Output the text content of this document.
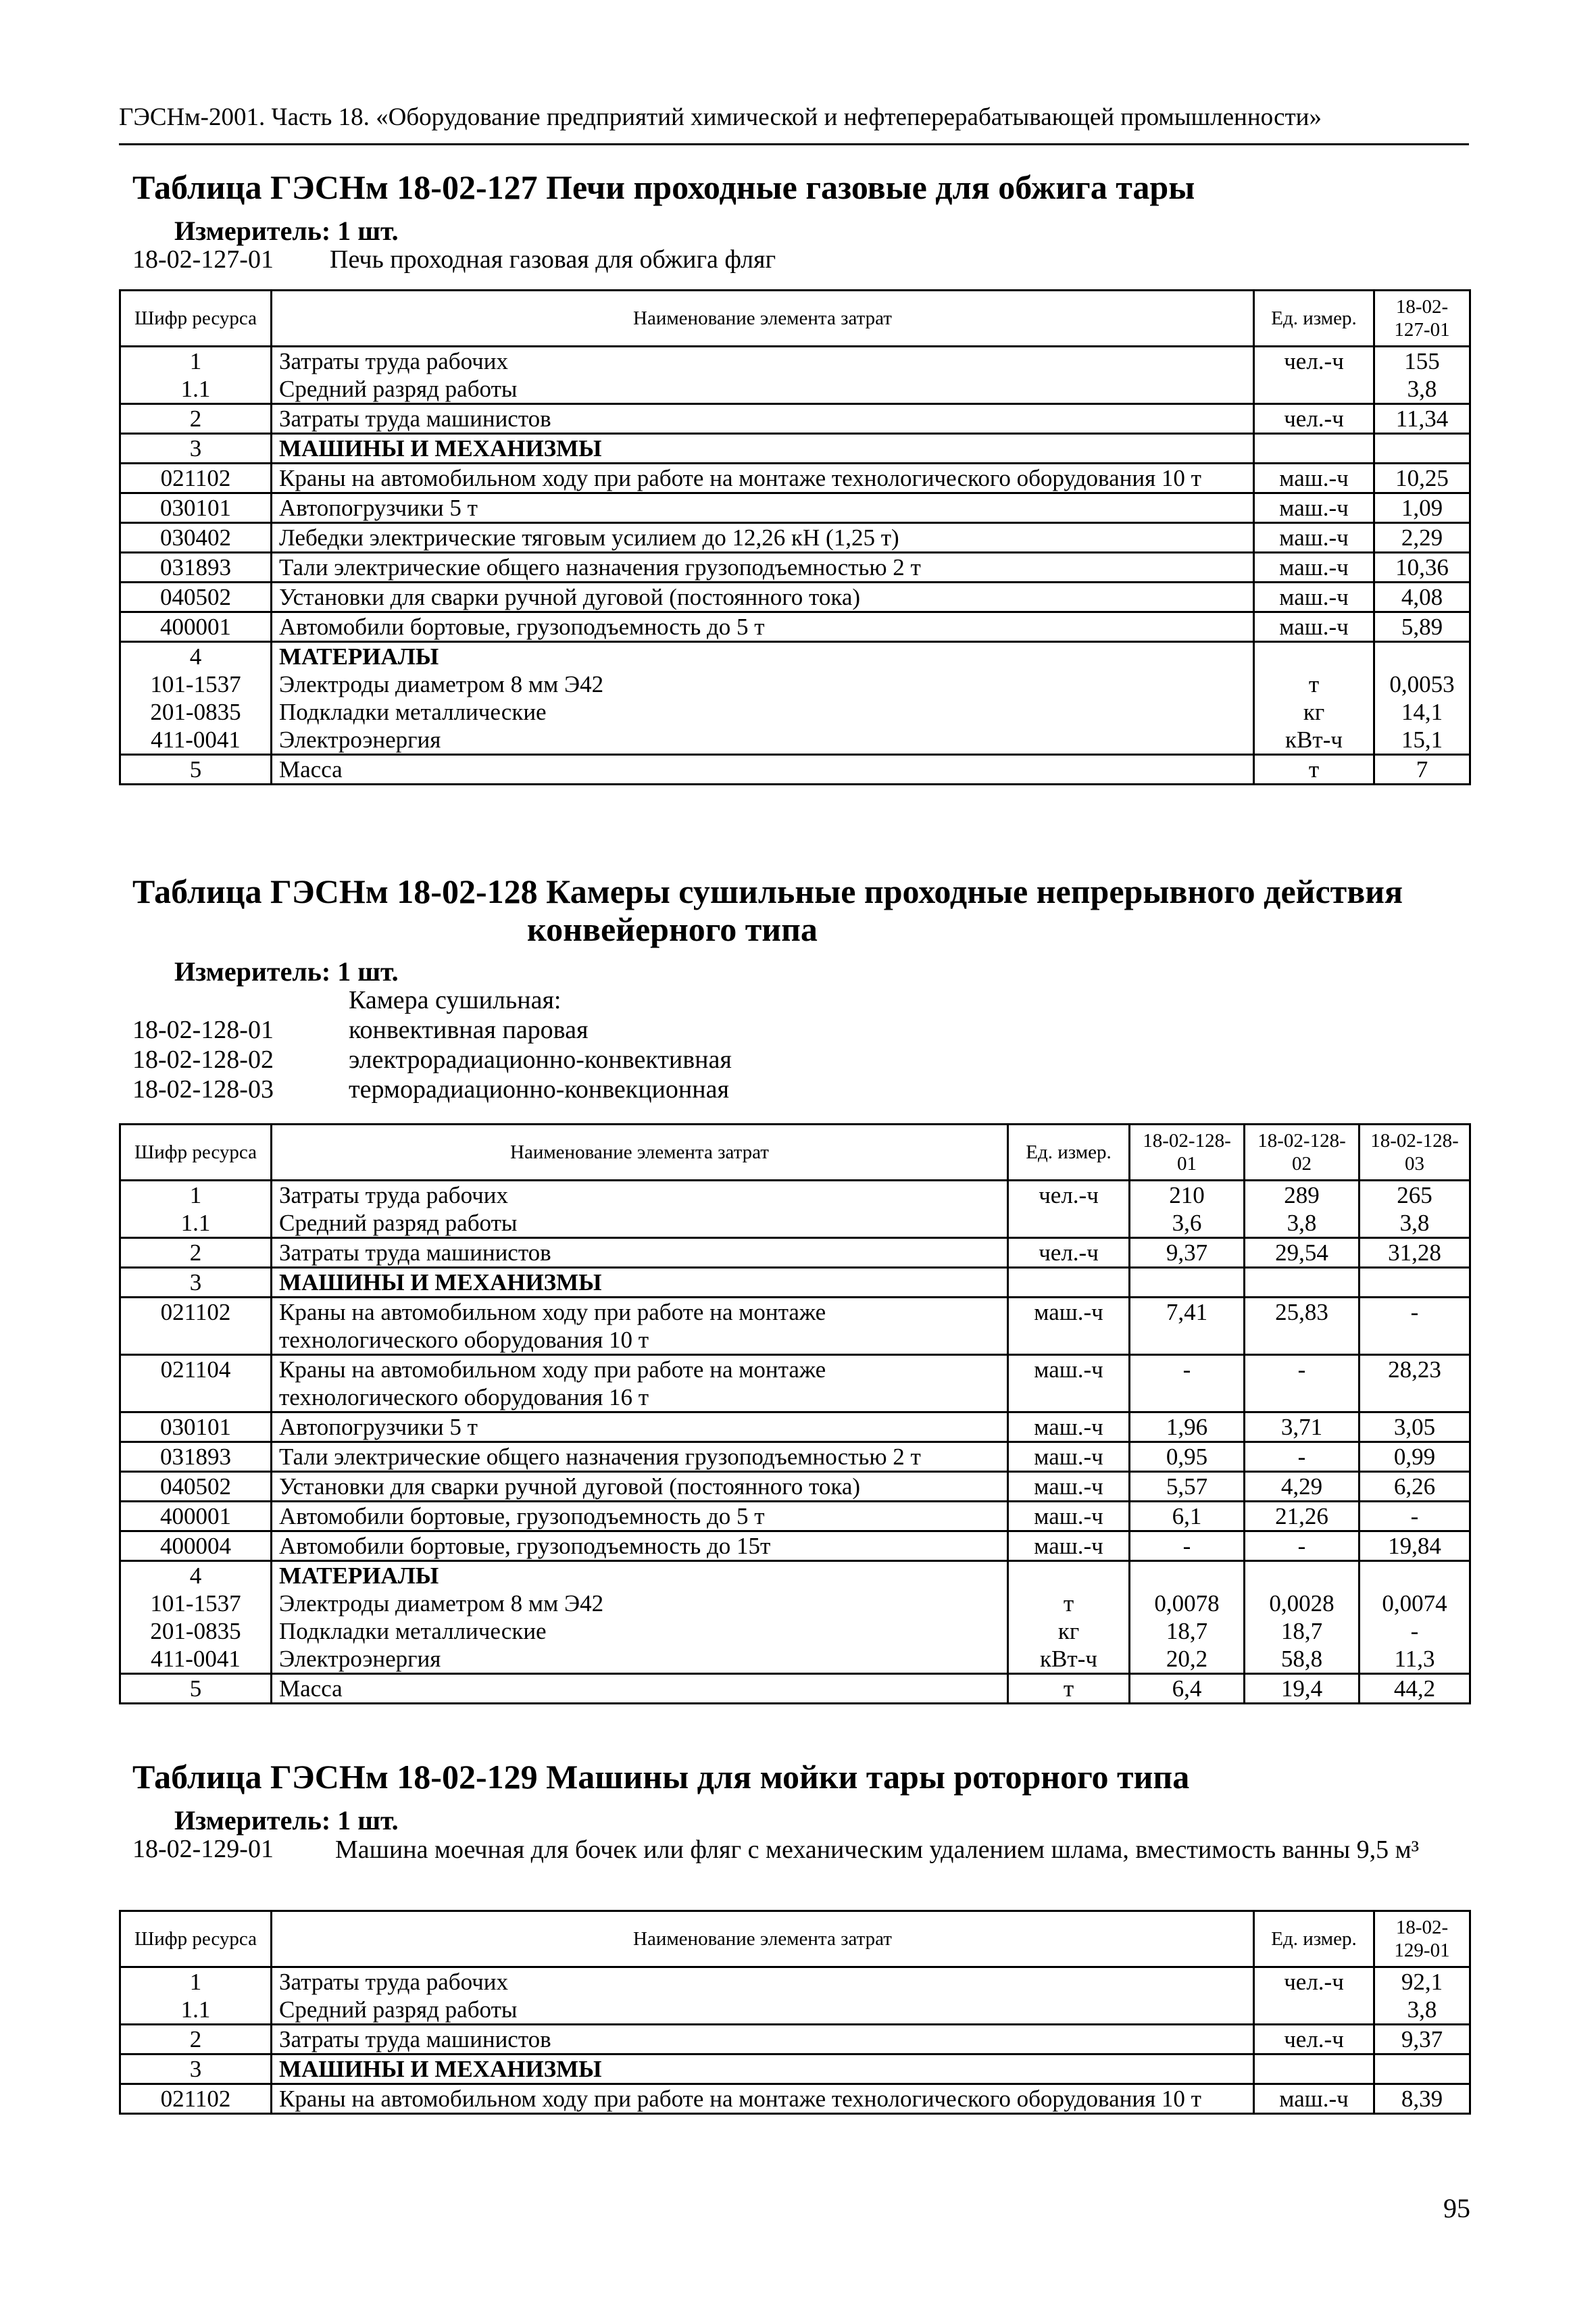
ГЭСНм-2001. Часть 18. «Оборудование предприятий химической и нефтеперерабатывающей промышленности»
Таблица ГЭСНм 18-02-127 Печи проходные газовые для обжига тары
Измеритель: 1 шт.
18-02-127-01 Печь проходная газовая для обжига фляг
Шифр ресурса	Наименование элемента затрат	Ед. измер.	18-02-127-01
1	Затраты труда рабочих	чел.-ч	155
1.1	Средний разряд работы		3,8
2	Затраты труда машинистов	чел.-ч	11,34
3	МАШИНЫ И МЕХАНИЗМЫ		
021102	Краны на автомобильном ходу при работе на монтаже технологического оборудования 10 т	маш.-ч	10,25
030101	Автопогрузчики 5 т	маш.-ч	1,09
030402	Лебедки электрические тяговым усилием до 12,26 кН (1,25 т)	маш.-ч	2,29
031893	Тали электрические общего назначения грузоподъемностью 2 т	маш.-ч	10,36
040502	Установки для сварки ручной дуговой (постоянного тока)	маш.-ч	4,08
400001	Автомобили бортовые, грузоподъемность до 5 т	маш.-ч	5,89
4	МАТЕРИАЛЫ		
101-1537	Электроды диаметром 8 мм Э42	т	0,0053
201-0835	Подкладки металлические	кг	14,1
411-0041	Электроэнергия	кВт-ч	15,1
5	Масса	т	7
Таблица ГЭСНм 18-02-128 Камеры сушильные проходные непрерывного действия
конвейерного типа
Измеритель: 1 шт.
Камера сушильная:
18-02-128-01	конвективная паровая
18-02-128-02	электрорадиационно-конвективная
18-02-128-03	терморадиационно-конвекционная
Шифр ресурса	Наименование элемента затрат	Ед. измер.	18-02-128-01	18-02-128-02	18-02-128-03
1	Затраты труда рабочих	чел.-ч	210	289	265
1.1	Средний разряд работы		3,6	3,8	3,8
2	Затраты труда машинистов	чел.-ч	9,37	29,54	31,28
3	МАШИНЫ И МЕХАНИЗМЫ				
021102	Краны на автомобильном ходу при работе на монтаже технологического оборудования 10 т	маш.-ч	7,41	25,83	-
021104	Краны на автомобильном ходу при работе на монтаже технологического оборудования 16 т	маш.-ч	-	-	28,23
030101	Автопогрузчики 5 т	маш.-ч	1,96	3,71	3,05
031893	Тали электрические общего назначения грузоподъемностью 2 т	маш.-ч	0,95	-	0,99
040502	Установки для сварки ручной дуговой (постоянного тока)	маш.-ч	5,57	4,29	6,26
400001	Автомобили бортовые, грузоподъемность до 5 т	маш.-ч	6,1	21,26	-
400004	Автомобили бортовые, грузоподъемность до 15т	маш.-ч	-	-	19,84
4	МАТЕРИАЛЫ				
101-1537	Электроды диаметром 8 мм Э42	т	0,0078	0,0028	0,0074
201-0835	Подкладки металлические	кг	18,7	18,7	-
411-0041	Электроэнергия	кВт-ч	20,2	58,8	11,3
5	Масса	т	6,4	19,4	44,2
Таблица ГЭСНм 18-02-129 Машины для мойки тары роторного типа
Измеритель: 1 шт.
18-02-129-01 Машина моечная для бочек или фляг с механическим удалением шлама, вместимость ванны 9,5 м³
Шифр ресурса	Наименование элемента затрат	Ед. измер.	18-02-129-01
1	Затраты труда рабочих	чел.-ч	92,1
1.1	Средний разряд работы		3,8
2	Затраты труда машинистов	чел.-ч	9,37
3	МАШИНЫ И МЕХАНИЗМЫ		
021102	Краны на автомобильном ходу при работе на монтаже технологического оборудования 10 т	маш.-ч	8,39
95
